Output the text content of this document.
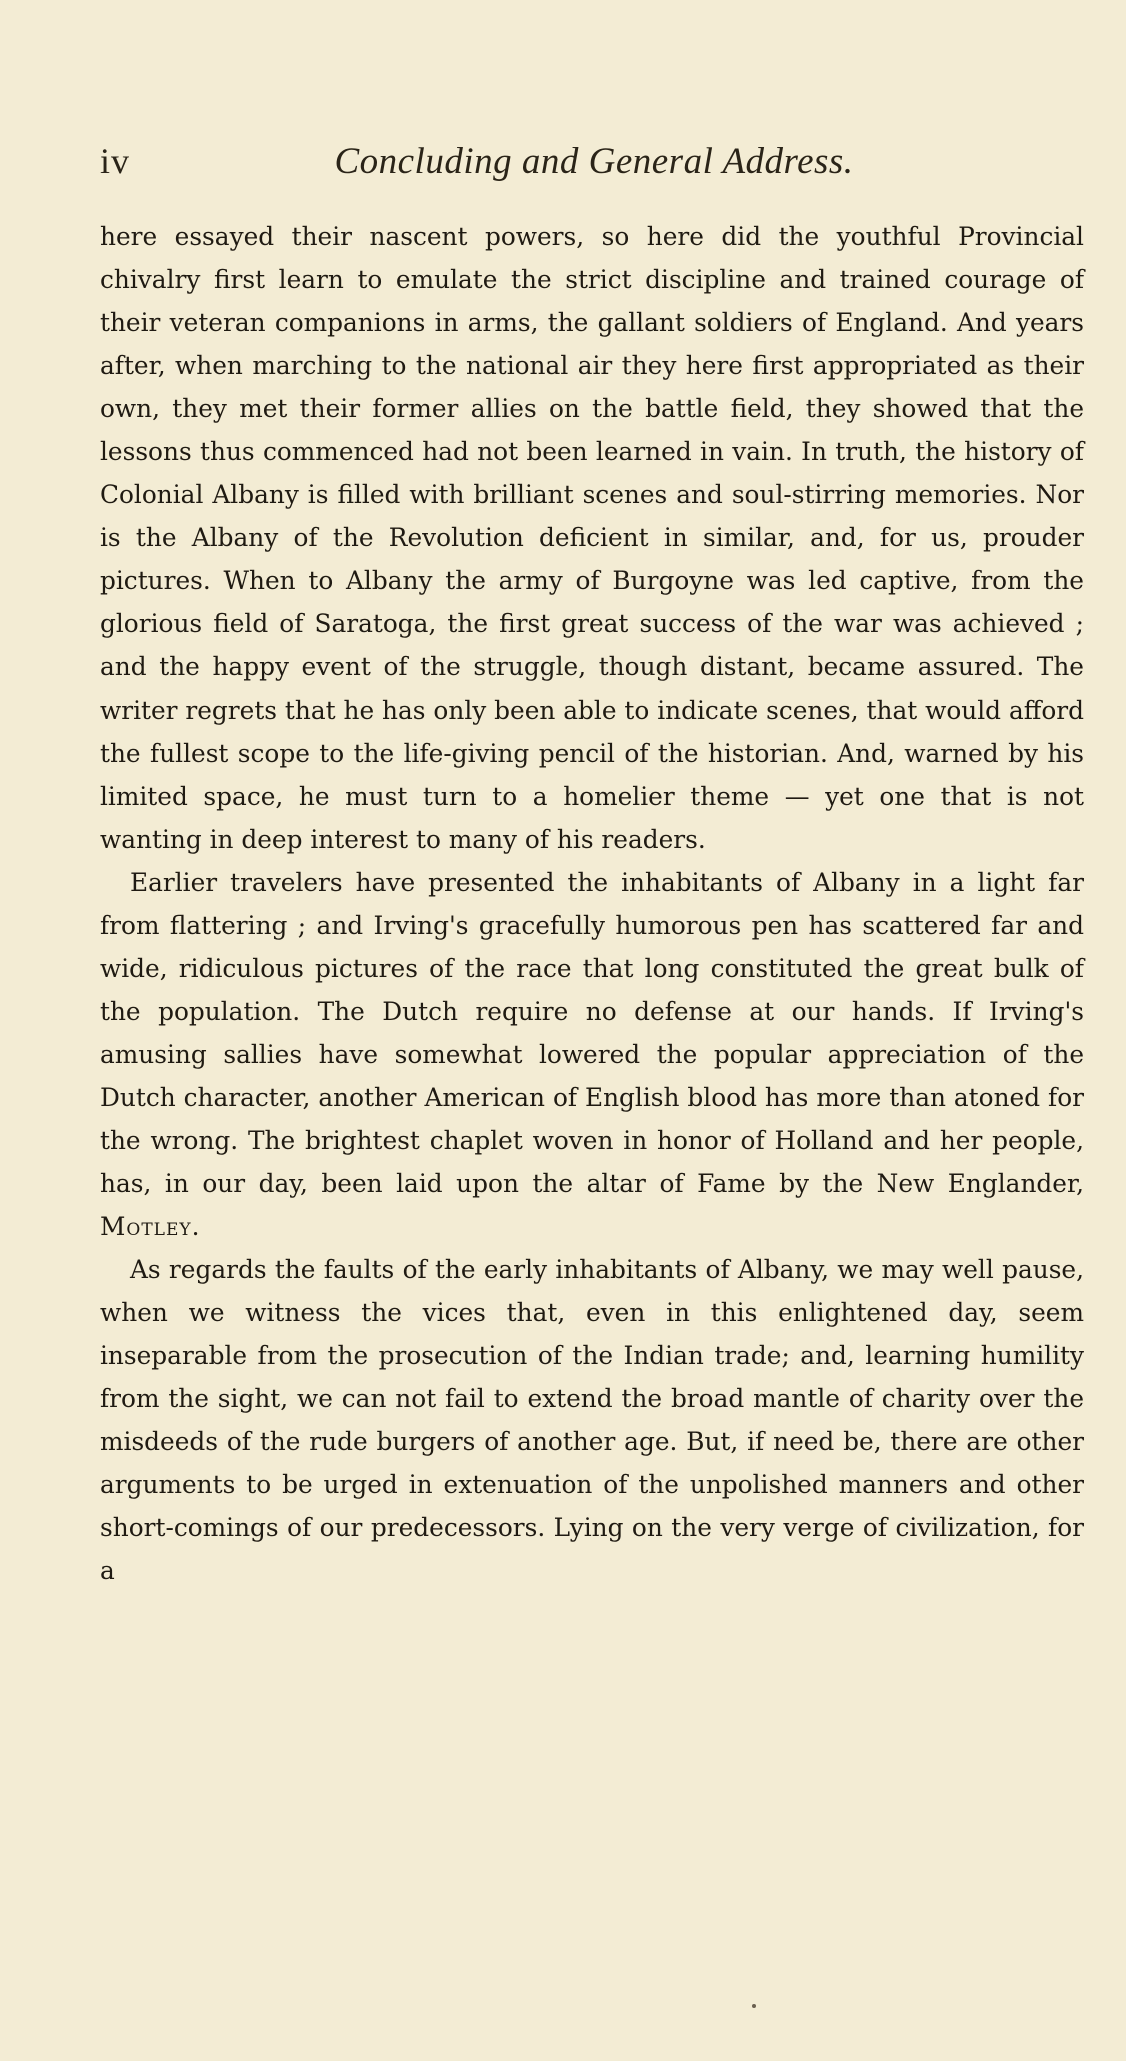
iv	Concluding and General Address.

here essayed their nascent powers, so here did the youthful Provincial chivalry first learn to emulate the strict discipline and trained courage of their veteran companions in arms, the gallant soldiers of England. And years after, when marching to the national air they here first appropriated as their own, they met their former allies on the battle field, they showed that the lessons thus commenced had not been learned in vain. In truth, the history of Colonial Albany is filled with brilliant scenes and soul-stirring memories. Nor is the Albany of the Revolution deficient in similar, and, for us, prouder pictures. When to Albany the army of Burgoyne was led captive, from the glorious field of Saratoga, the first great success of the war was achieved ; and the happy event of the struggle, though distant, became assured. The writer regrets that he has only been able to indicate scenes, that would afford the fullest scope to the life-giving pencil of the historian. And, warned by his limited space, he must turn to a homelier theme — yet one that is not wanting in deep interest to many of his readers.

Earlier travelers have presented the inhabitants of Albany in a light far from flattering ; and Irving's gracefully humorous pen has scattered far and wide, ridiculous pictures of the race that long constituted the great bulk of the population. The Dutch require no defense at our hands. If Irving's amusing sallies have somewhat lowered the popular appreciation of the Dutch character, another American of English blood has more than atoned for the wrong. The brightest chaplet woven in honor of Holland and her people, has, in our day, been laid upon the altar of Fame by the New Englander, Motley.

As regards the faults of the early inhabitants of Albany, we may well pause, when we witness the vices that, even in this enlightened day, seem inseparable from the prosecution of the Indian trade; and, learning humility from the sight, we can not fail to extend the broad mantle of charity over the misdeeds of the rude burgers of another age. But, if need be, there are other arguments to be urged in extenuation of the unpolished manners and other short-comings of our predecessors. Lying on the very verge of civilization, for a
